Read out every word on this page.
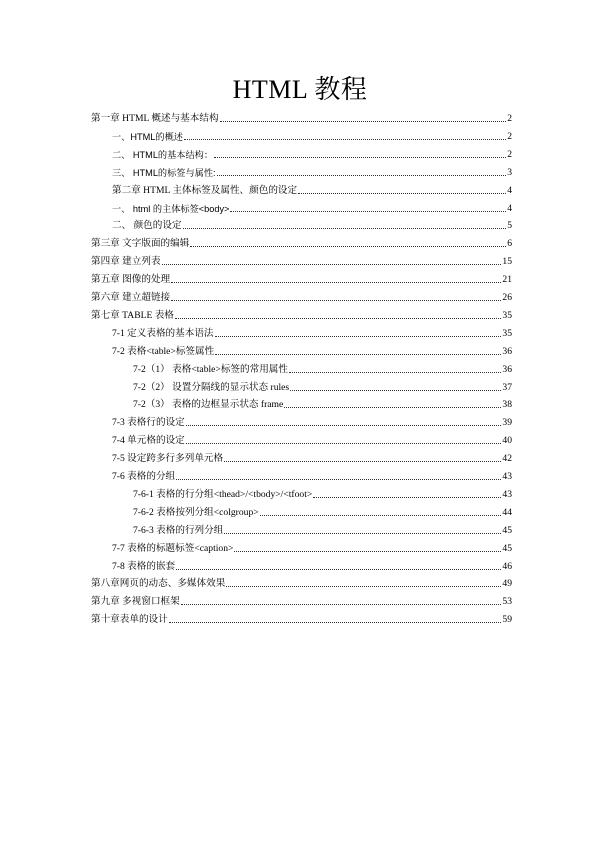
HTML 教程
第一章 HTML 概述与基本结构	2
一、HTML的概述	2
二、 HTML的基本结构：	2
三、 HTML的标签与属性:	3
第二章 HTML 主体标签及属性、颜色的设定	4
一、 html 的主体标签<body>	4
二、 颜色的设定	5
第三章 文字版面的编辑	6
第四章 建立列表	15
第五章 图像的处理	21
第六章 建立超链接	26
第七章 TABLE 表格	35
7-1 定义表格的基本语法	35
7-2 表格<table>标签属性	36
7-2（1） 表格<table>标签的常用属性	36
7-2（2） 设置分隔线的显示状态 rules	37
7-2（3） 表格的边框显示状态 frame	38
7-3 表格行的设定	39
7-4 单元格的设定	40
7-5 设定跨多行多列单元格	42
7-6 表格的分组	43
7-6-1 表格的行分组<thead>/<tbody>/<tfoot>	43
7-6-2 表格按列分组<colgroup>	44
7-6-3 表格的行列分组	45
7-7 表格的标题标签<caption>	45
7-8 表格的嵌套	46
第八章网页的动态、多媒体效果	49
第九章 多视窗口框架	53
第十章表单的设计	59
